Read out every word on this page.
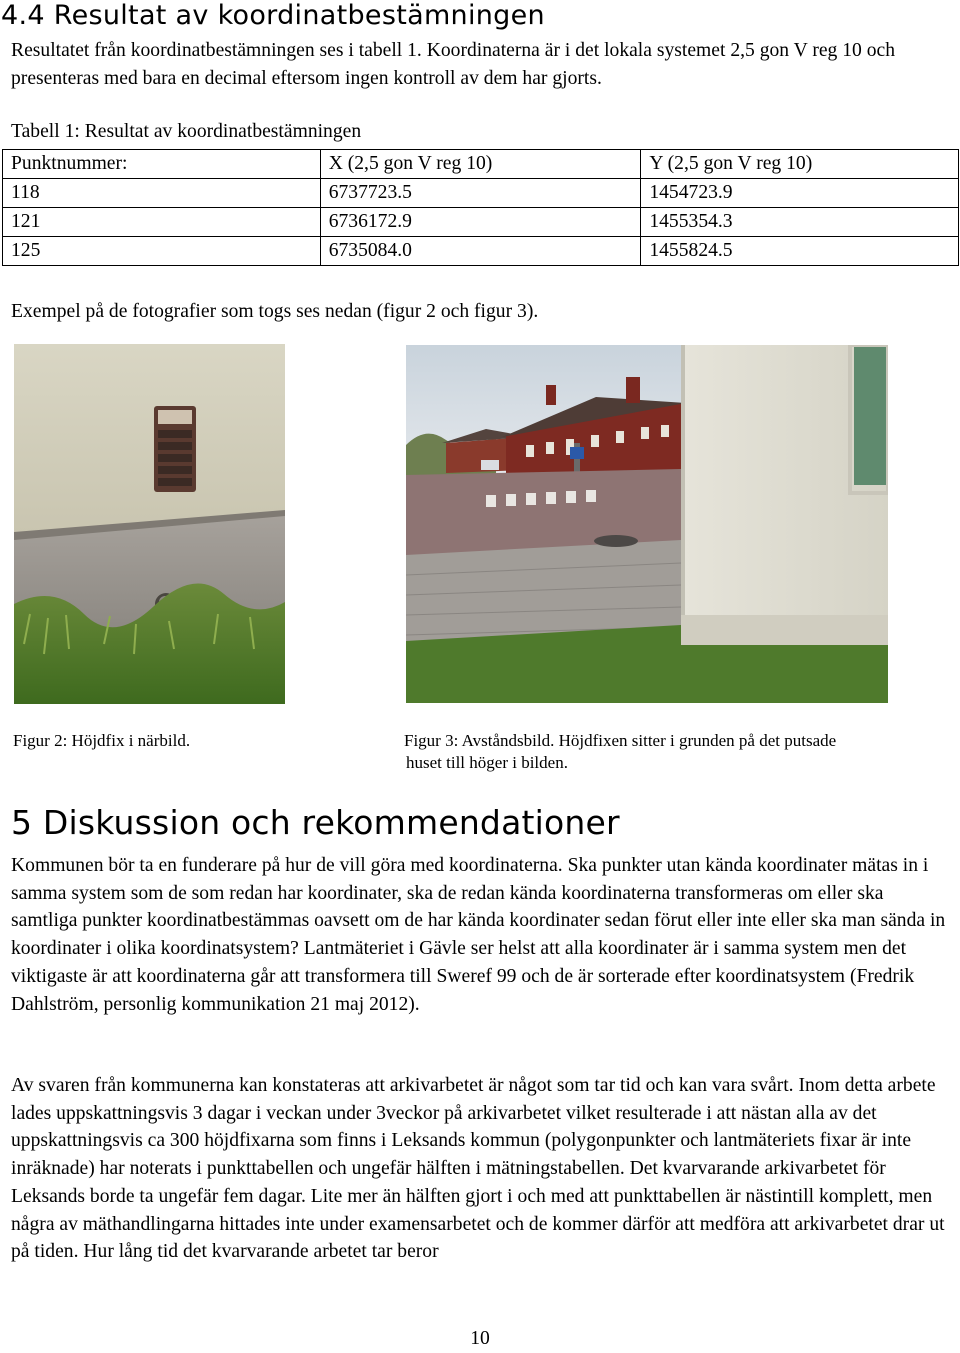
4.4 Resultat av koordinatbestämningen

Resultatet från koordinatbestämningen ses i tabell 1. Koordinaterna är i det lokala systemet 2,5 gon V reg 10 och presenteras med bara en decimal eftersom ingen kontroll av dem har gjorts.

Tabell 1: Resultat av koordinatbestämningen

Punktnummer:	X (2,5 gon V reg 10)	Y (2,5 gon V reg 10)
118	6737723.5	1454723.9
121	6736172.9	1455354.3
125	6735084.0	1455824.5

Exempel på de fotografier som togs ses nedan (figur 2 och figur 3).

Figur 2: Höjdfix i närbild.	Figur 3: Avståndsbild. Höjdfixen sitter i grunden på det putsade
huset till höger i bilden.

5 Diskussion och rekommendationer

Kommunen bör ta en funderare på hur de vill göra med koordinaterna. Ska punkter utan kända koordinater mätas in i samma system som de som redan har koordinater, ska de redan kända koordinaterna transformeras om eller ska samtliga punkter koordinatbestämmas oavsett om de har kända koordinater sedan förut eller inte eller ska man sända in koordinater i olika koordinatsystem? Lantmäteriet i Gävle ser helst att alla koordinater är i samma system men det viktigaste är att koordinaterna går att transformera till Sweref 99 och de är sorterade efter koordinatsystem (Fredrik Dahlström, personlig kommunikation 21 maj 2012).

Av svaren från kommunerna kan konstateras att arkivarbetet är något som tar tid och kan vara svårt. Inom detta arbete lades uppskattningsvis 3 dagar i veckan under 3veckor på arkivarbetet vilket resulterade i att nästan alla av det uppskattningsvis ca 300 höjdfixarna som finns i Leksands kommun (polygonpunkter och lantmäteriets fixar är inte inräknade) har noterats i punkttabellen och ungefär hälften i mätningstabellen. Det kvarvarande arkivarbetet för Leksands borde ta ungefär fem dagar. Lite mer än hälften gjort i och med att punkttabellen är nästintill komplett, men några av mäthandlingarna hittades inte under examensarbetet och de kommer därför att medföra att arkivarbetet drar ut på tiden. Hur lång tid det kvarvarande arbetet tar beror

10
